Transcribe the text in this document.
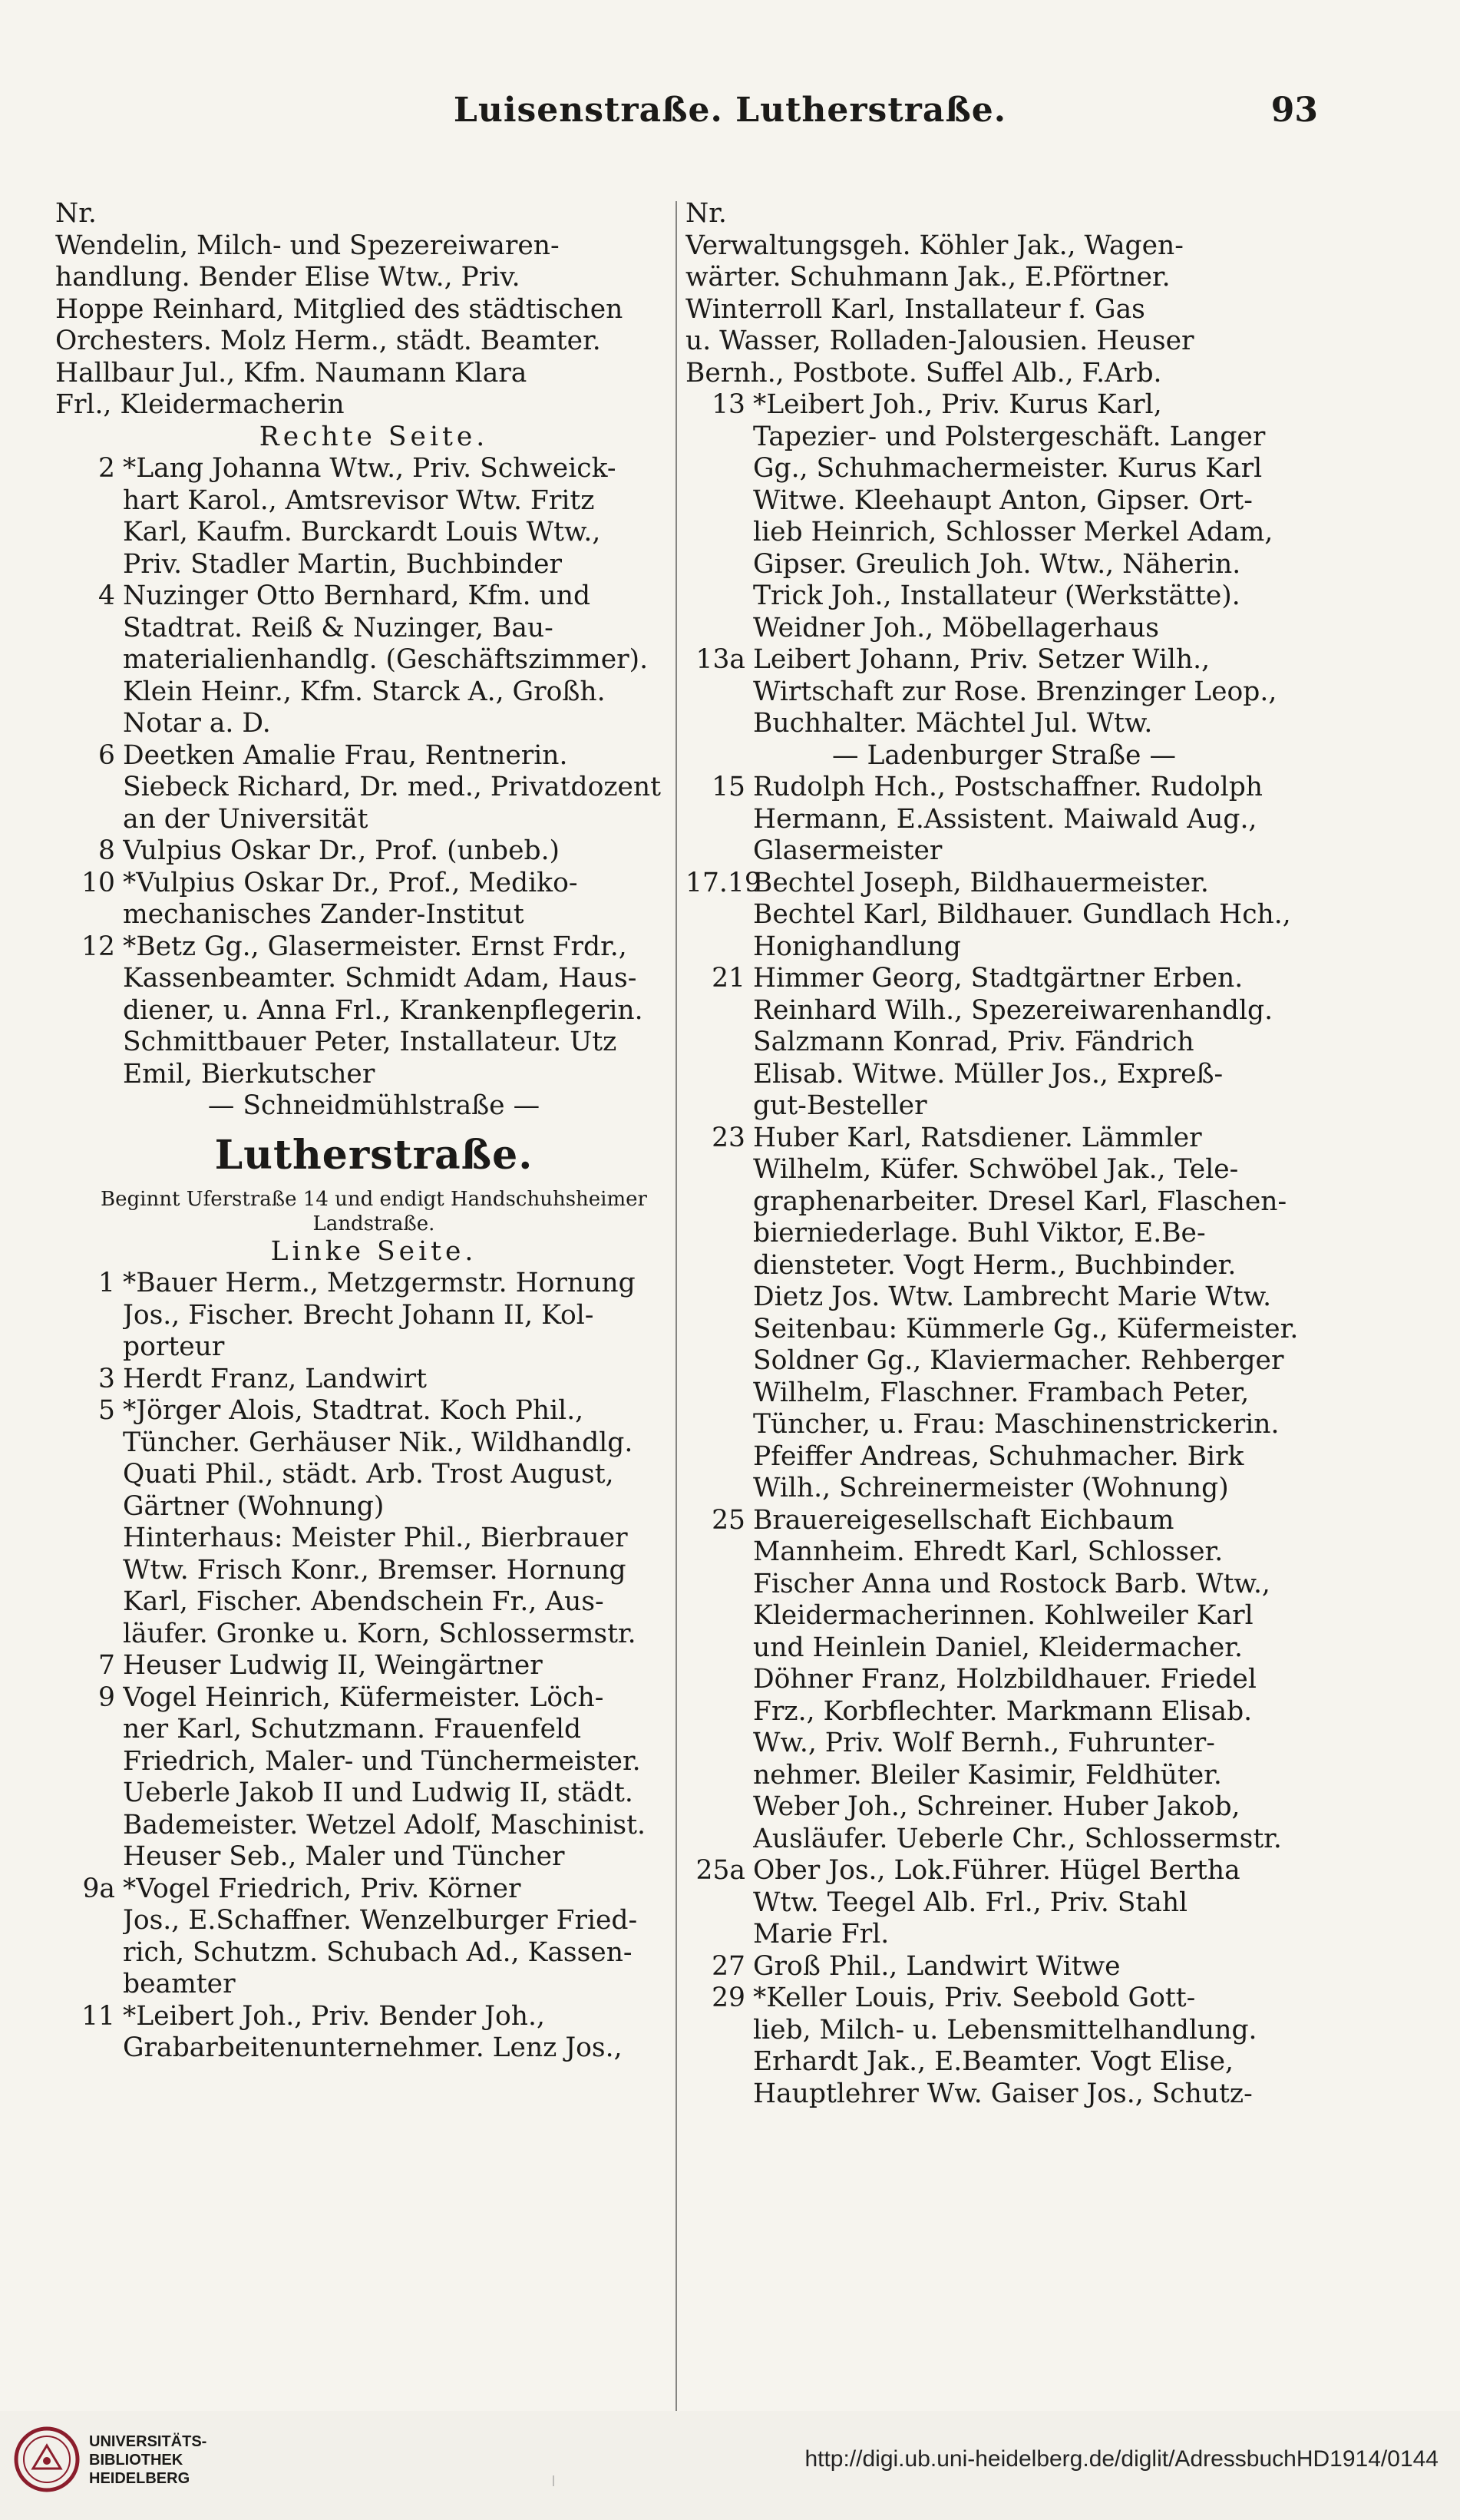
Luisenstraße. Lutherstraße.	93
Nr.
Wendelin, Milch- und Spezereiwaren-
handlung. Bender Elise Wtw., Priv.
Hoppe Reinhard, Mitglied des städtischen
Orchesters. Molz Herm., städt. Beamter.
Hallbaur Jul., Kfm. Naumann Klara
Frl., Kleidermacherin
Rechte Seite.
2 *Lang Johanna Wtw., Priv. Schweick-
hart Karol., Amtsrevisor Wtw. Fritz
Karl, Kaufm. Burckardt Louis Wtw.,
Priv. Stadler Martin, Buchbinder
4 Nuzinger Otto Bernhard, Kfm. und
Stadtrat. Reiß & Nuzinger, Bau-
materialienhandlg. (Geschäftszimmer).
Klein Heinr., Kfm. Starck A., Großh.
Notar a. D.
6 Deetken Amalie Frau, Rentnerin.
Siebeck Richard, Dr. med., Privatdozent
an der Universität
8 Vulpius Oskar Dr., Prof. (unbeb.)
10 *Vulpius Oskar Dr., Prof., Mediko-
mechanisches Zander-Institut
12 *Betz Gg., Glasermeister. Ernst Frdr.,
Kassenbeamter. Schmidt Adam, Haus-
diener, u. Anna Frl., Krankenpflegerin.
Schmittbauer Peter, Installateur. Utz
Emil, Bierkutscher
— Schneidmühlstraße —
Lutherstraße.
Beginnt Uferstraße 14 und endigt Handschuhsheimer
Landstraße.
Linke Seite.
1 *Bauer Herm., Metzgermstr. Hornung
Jos., Fischer. Brecht Johann II, Kol-
porteur
3 Herdt Franz, Landwirt
5 *Jörger Alois, Stadtrat. Koch Phil.,
Tüncher. Gerhäuser Nik., Wildhandlg.
Quati Phil., städt. Arb. Trost August,
Gärtner (Wohnung)
Hinterhaus: Meister Phil., Bierbrauer
Wtw. Frisch Konr., Bremser. Hornung
Karl, Fischer. Abendschein Fr., Aus-
läufer. Gronke u. Korn, Schlossermstr.
7 Heuser Ludwig II, Weingärtner
9 Vogel Heinrich, Küfermeister. Löch-
ner Karl, Schutzmann. Frauenfeld
Friedrich, Maler- und Tünchermeister.
Ueberle Jakob II und Ludwig II, städt.
Bademeister. Wetzel Adolf, Maschinist.
Heuser Seb., Maler und Tüncher
9a *Vogel Friedrich, Priv. Körner
Jos., E.Schaffner. Wenzelburger Fried-
rich, Schutzm. Schubach Ad., Kassen-
beamter
11 *Leibert Joh., Priv. Bender Joh.,
Grabarbeitenunternehmer. Lenz Jos.,
Nr.
Verwaltungsgeh. Köhler Jak., Wagen-
wärter. Schuhmann Jak., E.Pförtner.
Winterroll Karl, Installateur f. Gas
u. Wasser, Rolladen-Jalousien. Heuser
Bernh., Postbote. Suffel Alb., F.Arb.
13 *Leibert Joh., Priv. Kurus Karl,
Tapezier- und Polstergeschäft. Langer
Gg., Schuhmachermeister. Kurus Karl
Witwe. Kleehaupt Anton, Gipser. Ort-
lieb Heinrich, Schlosser Merkel Adam,
Gipser. Greulich Joh. Wtw., Näherin.
Trick Joh., Installateur (Werkstätte).
Weidner Joh., Möbellagerhaus
13a Leibert Johann, Priv. Setzer Wilh.,
Wirtschaft zur Rose. Brenzinger Leop.,
Buchhalter. Mächtel Jul. Wtw.
— Ladenburger Straße —
15 Rudolph Hch., Postschaffner. Rudolph
Hermann, E.Assistent. Maiwald Aug.,
Glasermeister
17.19
Bechtel Joseph, Bildhauermeister.
Bechtel Karl, Bildhauer. Gundlach Hch.,
Honighandlung
21 Himmer Georg, Stadtgärtner Erben.
Reinhard Wilh., Spezereiwarenhandlg.
Salzmann Konrad, Priv. Fändrich
Elisab. Witwe. Müller Jos., Expreß-
gut-Besteller
23 Huber Karl, Ratsdiener. Lämmler
Wilhelm, Küfer. Schwöbel Jak., Tele-
graphenarbeiter. Dresel Karl, Flaschen-
bierniederlage. Buhl Viktor, E.Be-
diensteter. Vogt Herm., Buchbinder.
Dietz Jos. Wtw. Lambrecht Marie Wtw.
Seitenbau: Kümmerle Gg., Küfermeister.
Soldner Gg., Klaviermacher. Rehberger
Wilhelm, Flaschner. Frambach Peter,
Tüncher, u. Frau: Maschinenstrickerin.
Pfeiffer Andreas, Schuhmacher. Birk
Wilh., Schreinermeister (Wohnung)
25 Brauereigesellschaft Eichbaum
Mannheim. Ehredt Karl, Schlosser.
Fischer Anna und Rostock Barb. Wtw.,
Kleidermacherinnen. Kohlweiler Karl
und Heinlein Daniel, Kleidermacher.
Döhner Franz, Holzbildhauer. Friedel
Frz., Korbflechter. Markmann Elisab.
Ww., Priv. Wolf Bernh., Fuhrunter-
nehmer. Bleiler Kasimir, Feldhüter.
Weber Joh., Schreiner. Huber Jakob,
Ausläufer. Ueberle Chr., Schlossermstr.
25a Ober Jos., Lok.Führer. Hügel Bertha
Wtw. Teegel Alb. Frl., Priv. Stahl
Marie Frl.
27 Groß Phil., Landwirt Witwe
29 *Keller Louis, Priv. Seebold Gott-
lieb, Milch- u. Lebensmittelhandlung.
Erhardt Jak., E.Beamter. Vogt Elise,
Hauptlehrer Ww. Gaiser Jos., Schutz-
UNIVERSITÄTS-
BIBLIOTHEK
HEIDELBERG
http://digi.ub.uni-heidelberg.de/diglit/AdressbuchHD1914/0144
